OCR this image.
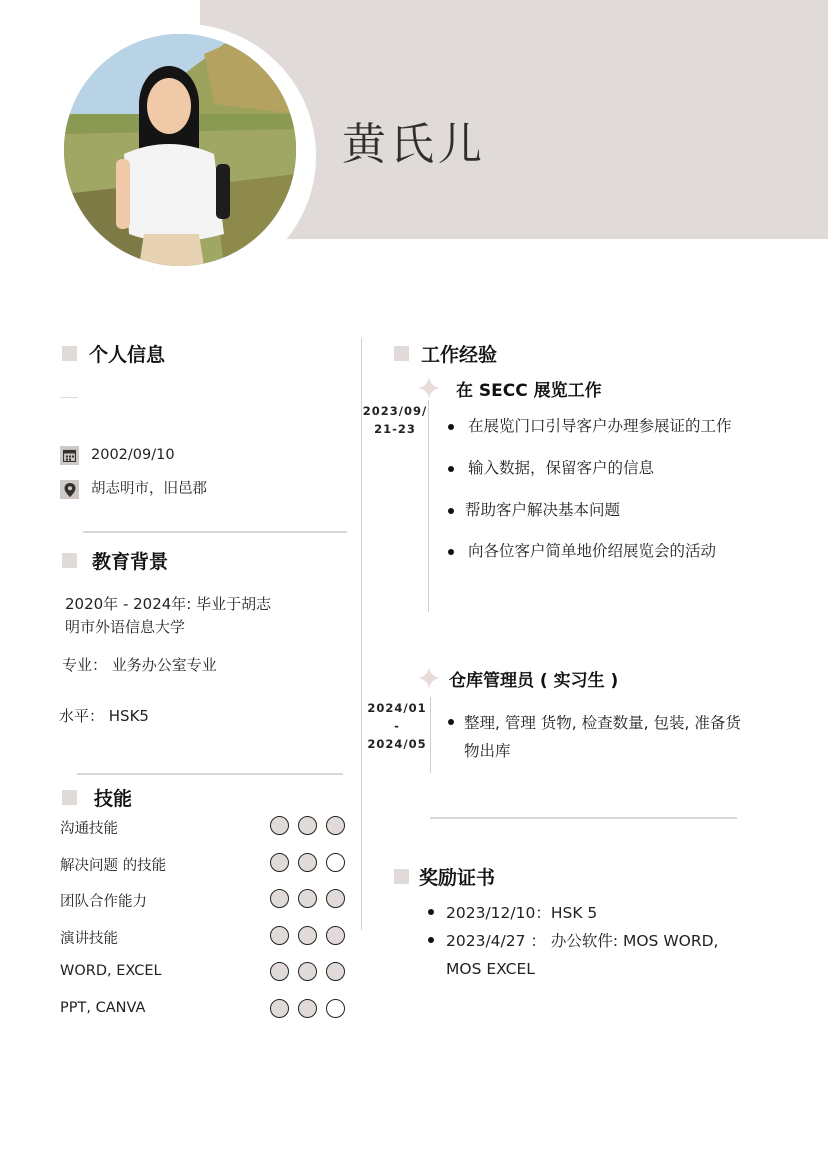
黄氏儿
个人信息
2002/09/10
胡志明市，旧邑郡
教育背景
2020年 - 2024年: 毕业于胡志
明市外语信息大学
专业： 业务办公室专业
水平： HSK5
技能
沟通技能
解决问题 的技能
团队合作能力
演讲技能
WORD, EXCEL
PPT, CANVA
工作经验
在 SECC 展览工作
2023/09/
21-23	在展览门口引导客户办理参展证的工作
输入数据，保留客户的信息
帮助客户解决基本问题
向各位客户简单地价绍展览会的活动
仓库管理员 ( 实习生 )
2024/01
-
2024/05
整理, 管理 货物, 检查数量, 包装, 准备货
物出库
奖励证书
2023/12/10：HSK 5
2023/4/27 ： 办公软件: MOS WORD,
MOS EXCEL
